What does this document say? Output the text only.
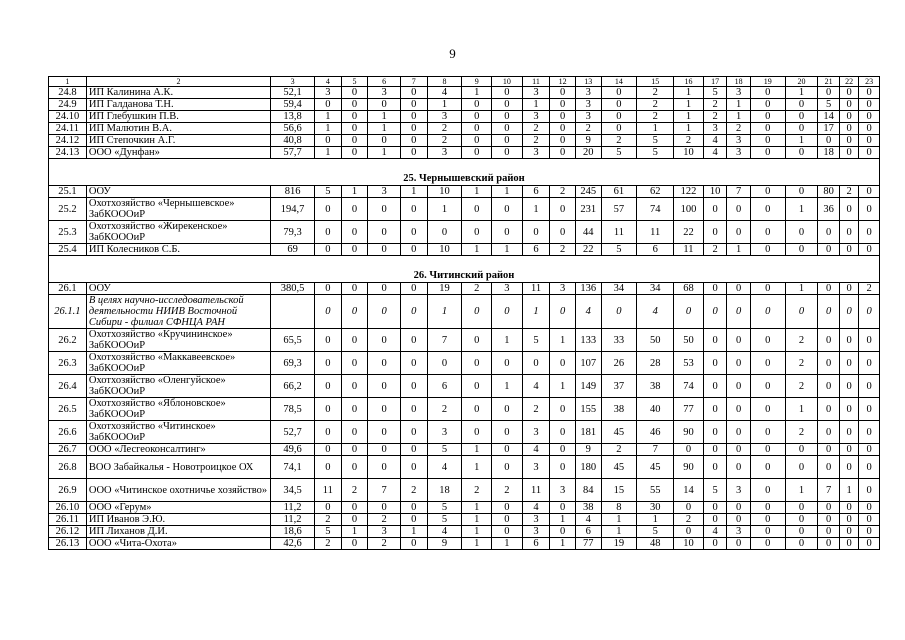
9
1	2	3	4	5	6	7	8	9	10	11	12	13	14	15	16	17	18	19	20	21	22	23
24.8	ИП Калинина А.К.	52,1	3	0	3	0	4	1	0	3	0	3	0	2	1	5	3	0	1	0	0	0
24.9	ИП Галданова Т.Н.	59,4	0	0	0	0	1	0	0	1	0	3	0	2	1	2	1	0	0	5	0	0
24.10	ИП Глебушкин П.В.	13,8	1	0	1	0	3	0	0	3	0	3	0	2	1	2	1	0	0	14	0	0
24.11	ИП Малютин В.А.	56,6	1	0	1	0	2	0	0	2	0	2	0	1	1	3	2	0	0	17	0	0
24.12	ИП Степочкин А.Г.	40,8	0	0	0	0	2	0	0	2	0	9	2	5	2	4	3	0	1	0	0	0
24.13	ООО «Дунфан»	57,7	1	0	1	0	3	0	0	3	0	20	5	5	10	4	3	0	0	18	0	0
25. Чернышевский район																						
25.1	ООУ	816	5	1	3	1	10	1	1	6	2	245	61	62	122	10	7	0	0	80	2	0
25.2	Охотхозяйство «Чернышевское» ЗабКОООиР	194,7	0	0	0	0	1	0	0	1	0	231	57	74	100	0	0	0	1	36	0	0
25.3	Охотхозяйство «Жирекенское» ЗабКОООиР	79,3	0	0	0	0	0	0	0	0	0	44	11	11	22	0	0	0	0	0	0	0
25.4	ИП Колесников С.Б.	69	0	0	0	0	10	1	1	6	2	22	5	6	11	2	1	0	0	0	0	0
26. Читинский район																						
26.1	ООУ	380,5	0	0	0	0	19	2	3	11	3	136	34	34	68	0	0	0	1	0	0	2
26.1.1	В целях научно-исследовательской деятельности НИИВ Восточной Сибири - филиал СФНЦА РАН		0	0	0	0	1	0	0	1	0	4	0	4	0	0	0	0	0	0	0	0
26.2	Охотхозяйство «Кручининское» ЗабКОООиР	65,5	0	0	0	0	7	0	1	5	1	133	33	50	50	0	0	0	2	0	0	0
26.3	Охотхозяйство «Маккавеевское» ЗабКОООиР	69,3	0	0	0	0	0	0	0	0	0	107	26	28	53	0	0	0	2	0	0	0
26.4	Охотхозяйство «Оленгуйское» ЗабКОООиР	66,2	0	0	0	0	6	0	1	4	1	149	37	38	74	0	0	0	2	0	0	0
26.5	Охотхозяйство «Яблоновское» ЗабКОООиР	78,5	0	0	0	0	2	0	0	2	0	155	38	40	77	0	0	0	1	0	0	0
26.6	Охотхозяйство «Читинское» ЗабКОООиР	52,7	0	0	0	0	3	0	0	3	0	181	45	46	90	0	0	0	2	0	0	0
26.7	ООО «Лесгеоконсалтинг»	49,6	0	0	0	0	5	1	0	4	0	9	2	7	0	0	0	0	0	0	0	0
26.8	ВОО Забайкалья - Новотроицкое ОХ	74,1	0	0	0	0	4	1	0	3	0	180	45	45	90	0	0	0	0	0	0	0
26.9	ООО «Читинское охотничье хозяйство»	34,5	11	2	7	2	18	2	2	11	3	84	15	55	14	5	3	0	1	7	1	0
26.10	ООО «Герум»	11,2	0	0	0	0	5	1	0	4	0	38	8	30	0	0	0	0	0	0	0	0
26.11	ИП Иванов Э.Ю.	11,2	2	0	2	0	5	1	0	3	1	4	1	1	2	0	0	0	0	0	0	0
26.12	ИП Лиханов Д.И.	18,6	5	1	3	1	4	1	0	3	0	6	1	5	0	4	3	0	0	0	0	0
26.13	ООО «Чита-Охота»	42,6	2	0	2	0	9	1	1	6	1	77	19	48	10	0	0	0	0	0	0	0
